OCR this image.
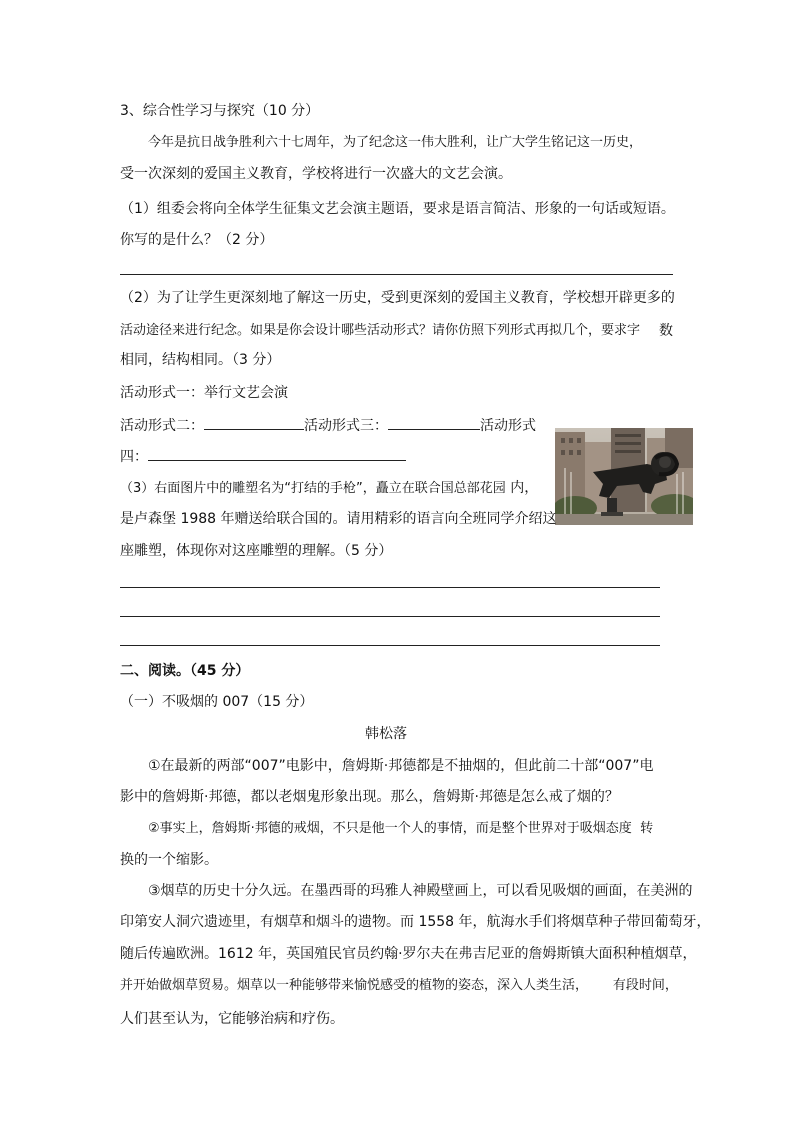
3、综合性学习与探究（10 分）
今年是抗日战争胜利六十七周年，为了纪念这一伟大胜利，让广大学生铭记这一历史，
受一次深刻的爱国主义教育，学校将进行一次盛大的文艺会演。
（1）组委会将向全体学生征集文艺会演主题语，要求是语言简洁、形象的一句话或短语。
你写的是什么？（2 分）
（2）为了让学生更深刻地了解这一历史，受到更深刻的爱国主义教育，学校想开辟更多的
活动途径来进行纪念。如果是你会设计哪些活动形式？请你仿照下列形式再拟几个，要求字 数
相同，结构相同。（3 分）
活动形式一：举行文艺会演
活动形式二：	活动形式三：	活动形式
四：
（3）右面图片中的雕塑名为“打结的手枪”，矗立在联合国总部花园 内，
是卢森堡 1988 年赠送给联合国的。请用精彩的语言向全班同学介绍这
座雕塑，体现你对这座雕塑的理解。（5 分）
二、阅读。（45 分）
（一）不吸烟的 007（15 分）
韩松落
①在最新的两部“007”电影中，詹姆斯·邦德都是不抽烟的，但此前二十部“007”电
影中的詹姆斯·邦德，都以老烟鬼形象出现。那么，詹姆斯·邦德是怎么戒了烟的？
②事实上，詹姆斯·邦德的戒烟，不只是他一个人的事情，而是整个世界对于吸烟态度 转
换的一个缩影。
③烟草的历史十分久远。在墨西哥的玛雅人神殿壁画上，可以看见吸烟的画面，在美洲的
印第安人洞穴遗迹里，有烟草和烟斗的遗物。而 1558 年，航海水手们将烟草种子带回葡萄牙，
随后传遍欧洲。1612 年，英国殖民官员约翰·罗尔夫在弗吉尼亚的詹姆斯镇大面积种植烟草，
并开始做烟草贸易。烟草以一种能够带来愉悦感受的植物的姿态，深入人类生活， 有段时间，
人们甚至认为，它能够治病和疗伤。
